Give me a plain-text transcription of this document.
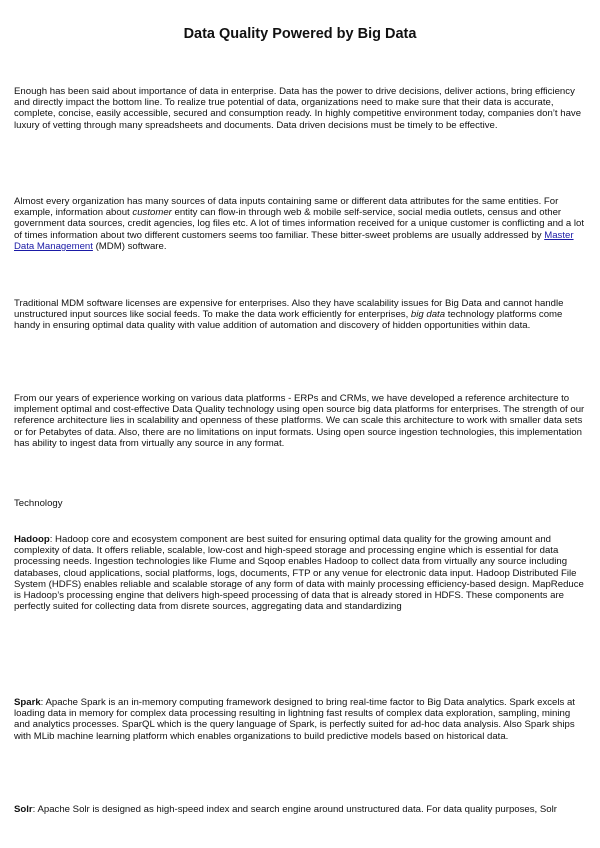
Data Quality Powered by Big Data

Enough has been said about importance of data in enterprise. Data has the power to drive decisions, deliver actions, bring efficiency and directly impact the bottom line. To realize true potential of data, organizations need to make sure that their data is accurate, complete, concise, easily accessible, secured and consumption ready. In highly competitive environment today, companies don’t have luxury of vetting through many spreadsheets and documents. Data driven decisions must be timely to be effective.

Almost every organization has many sources of data inputs containing same or different data attributes for the same entities. For example, information about customer entity can flow-in through web & mobile self-service, social media outlets, census and other government data sources, credit agencies, log files etc. A lot of times information received for a unique customer is conflicting and a lot of times information about two different customers seems too familiar. These bitter-sweet problems are usually addressed by Master Data Management (MDM) software.

Traditional MDM software licenses are expensive for enterprises. Also they have scalability issues for Big Data and cannot handle unstructured input sources like social feeds. To make the data work efficiently for enterprises, big data technology platforms come handy in ensuring optimal data quality with value addition of automation and discovery of hidden opportunities within data.

From our years of experience working on various data platforms - ERPs and CRMs, we have developed a reference architecture to implement optimal and cost-effective Data Quality technology using open source big data platforms for enterprises. The strength of our reference architecture lies in scalability and openness of these platforms. We can scale this architecture to work with smaller data sets or for Petabytes of data. Also, there are no limitations on input formats. Using open source ingestion technologies, this implementation has ability to ingest data from virtually any source in any format.

Technology

Hadoop: Hadoop core and ecosystem component are best suited for ensuring optimal data quality for the growing amount and complexity of data. It offers reliable, scalable, low-cost and high-speed storage and processing engine which is essential for data processing needs. Ingestion technologies like Flume and Sqoop enables Hadoop to collect data from virtually any source including databases, cloud applications, social platforms, logs, documents, FTP or any venue for electronic data input. Hadoop Distributed File System (HDFS) enables reliable and scalable storage of any form of data with mainly processing efficiency-based design. MapReduce is Hadoop’s processing engine that delivers high-speed processing of data that is already stored in HDFS. These components are perfectly suited for collecting data from disrete sources, aggregating data and standardizing

Spark: Apache Spark is an in-memory computing framework designed to bring real-time factor to Big Data analytics. Spark excels at loading data in memory for complex data processing resulting in lightning fast results of complex data exploration, sampling, mining and analytics processes. SparQL which is the query language of Spark, is perfectly suited for ad-hoc data analysis. Also Spark ships with MLib machine learning platform which enables organizations to build predictive models based on historical data.

Solr: Apache Solr is designed as high-speed index and search engine around unstructured data. For data quality purposes, Solr
